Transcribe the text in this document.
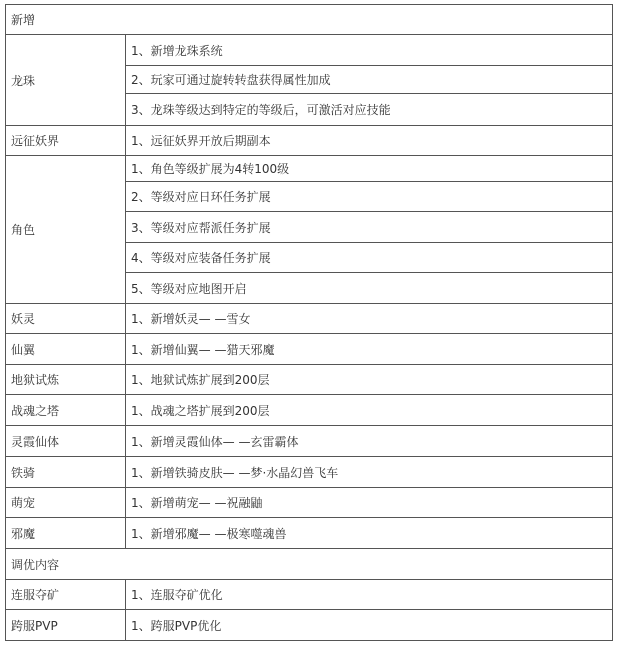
新增	
龙珠	1、新增龙珠系统
	2、玩家可通过旋转转盘获得属性加成
	3、龙珠等级达到特定的等级后，可激活对应技能
远征妖界	1、远征妖界开放后期副本
角色	1、角色等级扩展为4转100级
	2、等级对应日环任务扩展
	3、等级对应帮派任务扩展
	4、等级对应装备任务扩展
	5、等级对应地图开启
妖灵	1、新增妖灵— —雪女
仙翼	1、新增仙翼— —猎天邪魔
地狱试炼	1、地狱试炼扩展到200层
战魂之塔	1、战魂之塔扩展到200层
灵霞仙体	1、新增灵霞仙体— —玄雷霸体
铁骑	1、新增铁骑皮肤— —梦·水晶幻兽飞车
萌宠	1、新增萌宠— —祝融鼬
邪魔	1、新增邪魔— —极寒噬魂兽
调优内容	
连服夺矿	1、连服夺矿优化
跨服PVP	1、跨服PVP优化
